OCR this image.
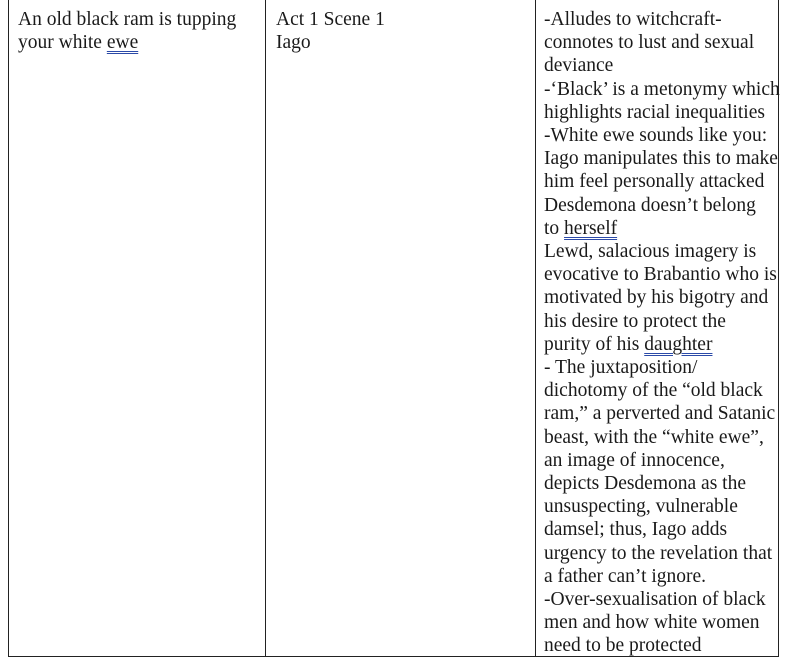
An old black ram is tupping
your white ewe
Act 1 Scene 1
Iago
-Alludes to witchcraft-
connotes to lust and sexual
deviance
-‘Black’ is a metonymy which
highlights racial inequalities
-White ewe sounds like you:
Iago manipulates this to make
him feel personally attacked
Desdemona doesn’t belong
to herself
Lewd, salacious imagery is
evocative to Brabantio who is
motivated by his bigotry and
his desire to protect the
purity of his daughter
- The juxtaposition/
dichotomy of the “old black
ram,” a perverted and Satanic
beast, with the “white ewe”,
an image of innocence,
depicts Desdemona as the
unsuspecting, vulnerable
damsel; thus, Iago adds
urgency to the revelation that
a father can’t ignore.
-Over-sexualisation of black
men and how white women
need to be protected
